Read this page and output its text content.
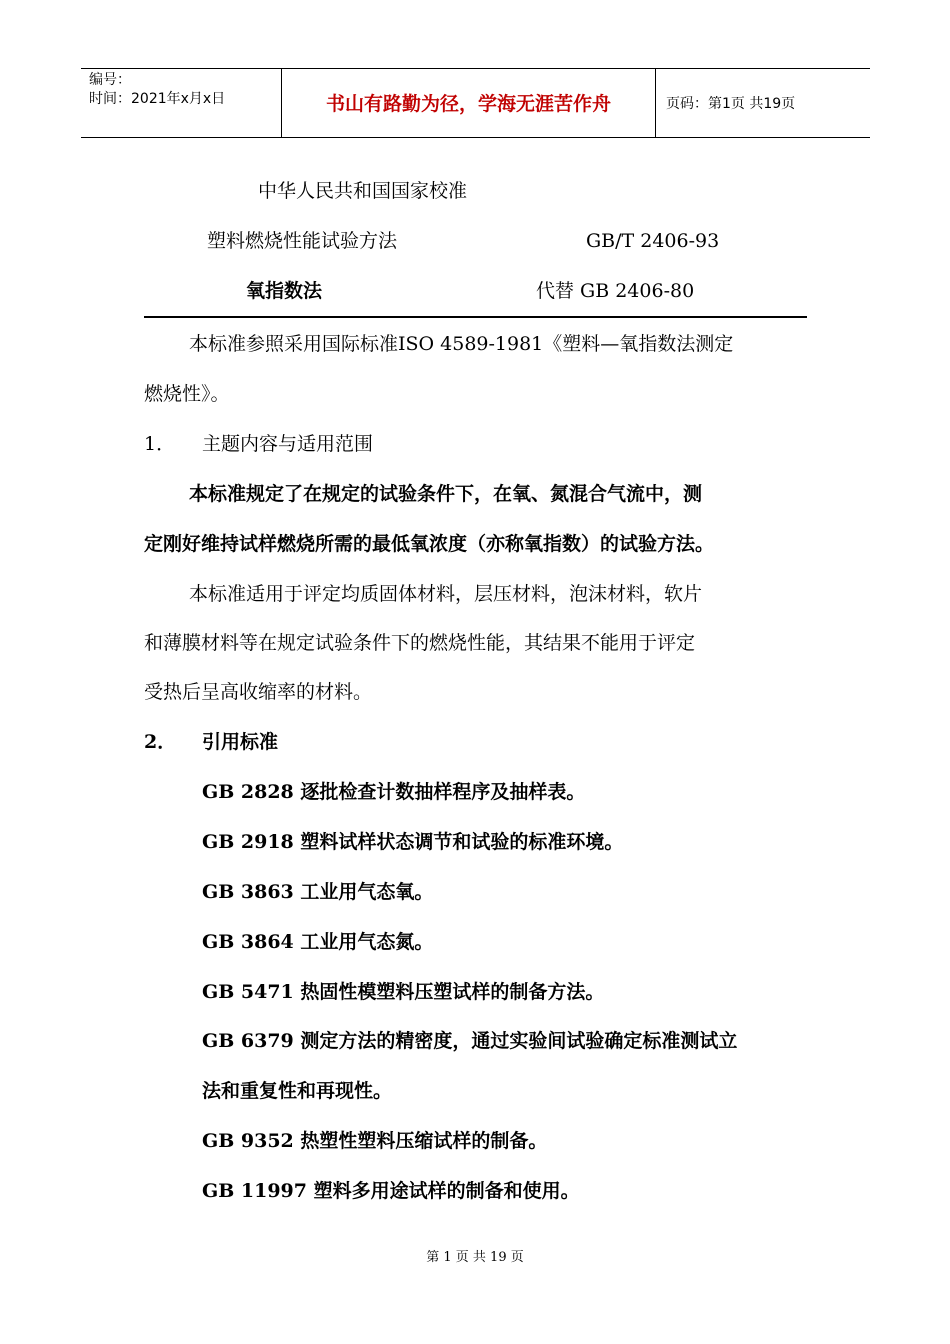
编号：
时间：2021年x月x日	书山有路勤为径，学海无涯苦作舟	页码：第1页 共19页
中华人民共和国国家校准
塑料燃烧性能试验方法	GB/T 2406-93
氧指数法	代替 GB 2406-80
本标准参照采用国际标准ISO 4589-1981《塑料—氧指数法测定
燃烧性》。
1． 主题内容与适用范围
本标准规定了在规定的试验条件下，在氧、氮混合气流中，测
定刚好维持试样燃烧所需的最低氧浓度（亦称氧指数）的试验方法。
本标准适用于评定均质固体材料，层压材料，泡沫材料，软片
和薄膜材料等在规定试验条件下的燃烧性能，其结果不能用于评定
受热后呈高收缩率的材料。
2． 引用标准
GB 2828 逐批检查计数抽样程序及抽样表。
GB 2918 塑料试样状态调节和试验的标准环境。
GB 3863 工业用气态氧。
GB 3864 工业用气态氮。
GB 5471 热固性模塑料压塑试样的制备方法。
GB 6379 测定方法的精密度，通过实验间试验确定标准测试立
法和重复性和再现性。
GB 9352 热塑性塑料压缩试样的制备。
GB 11997 塑料多用途试样的制备和使用。
第 1 页 共 19 页
